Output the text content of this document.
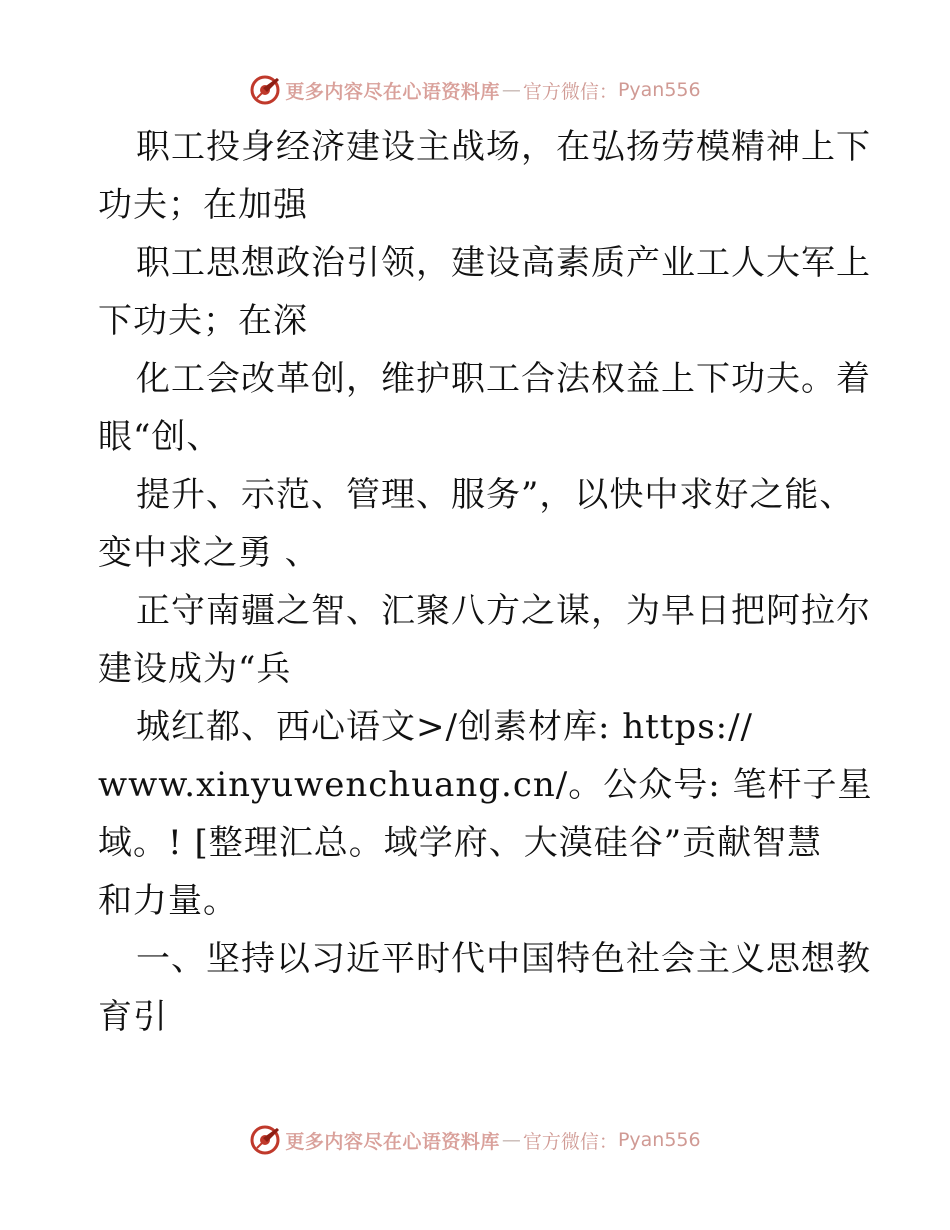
更多内容尽在心语资料库 — 官方微信： Pyan556
职工投身经济建设主战场，在弘扬劳模精神上下
功夫；在加强
职工思想政治引领，建设高素质产业工人大军上
下功夫；在深
化工会改革创，维护职工合法权益上下功夫。着
眼“创、
提升、示范、管理、服务”，以快中求好之能、
变中求之勇 、
正守南疆之智、汇聚八方之谋，为早日把阿拉尔
建设成为“兵
城红都、西心语文>/创素材库: https://
www.xinyuwenchuang.cn/。公众号: 笔杆子星
域。! [整理汇总。域学府、大漠硅谷”贡献智慧
和力量。
一、坚持以习近平时代中国特色社会主义思想教
育引
更多内容尽在心语资料库 — 官方微信： Pyan556
